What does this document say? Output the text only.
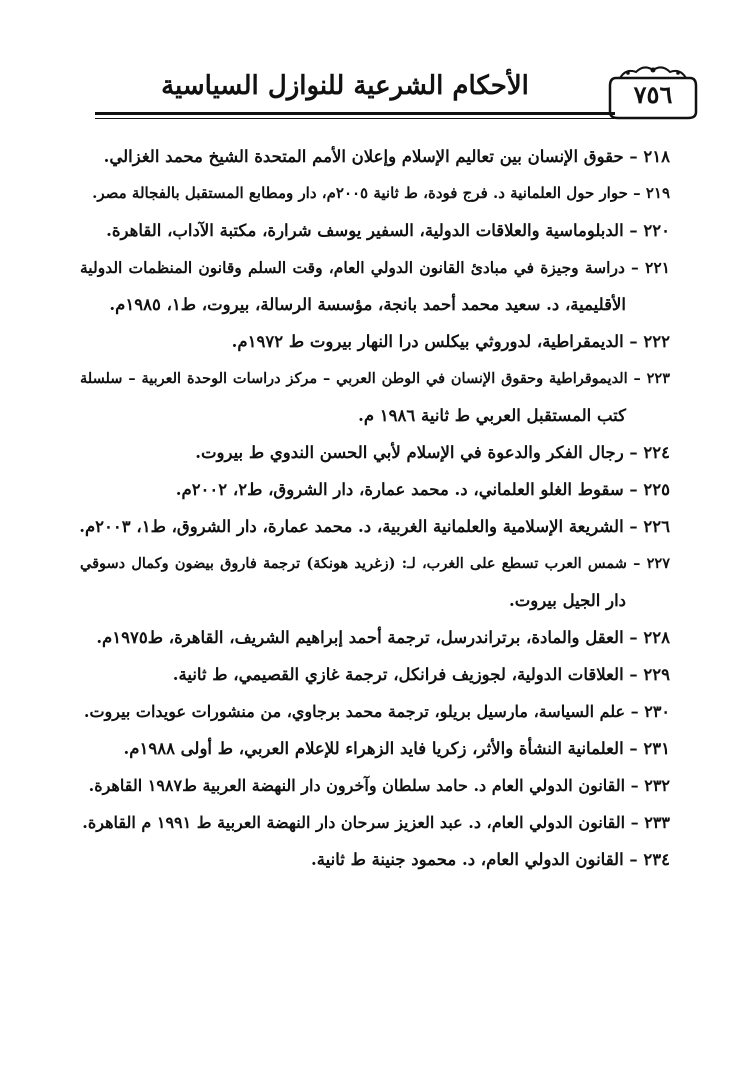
الأحكام الشرعية للنوازل السياسية	٧٥٦
٢١٨ – حقوق الإنسان بين تعاليم الإسلام وإعلان الأمم المتحدة الشيخ محمد الغزالي.
٢١٩ – حوار حول العلمانية د. فرج فودة، ط ثانية ٢٠٠٥م، دار ومطابع المستقبل بالفجالة مصر.
٢٢٠ – الدبلوماسية والعلاقات الدولية، السفير يوسف شرارة، مكتبة الآداب، القاهرة.
٢٢١ – دراسة وجيزة في مبادئ القانون الدولي العام، وقت السلم وقانون المنظمات الدولية
الأقليمية، د. سعيد محمد أحمد بانجة، مؤسسة الرسالة، بيروت، ط١، ١٩٨٥م.
٢٢٢ – الديمقراطية، لدوروثي بيكلس درا النهار بيروت ط ١٩٧٢م.
٢٢٣ – الديموقراطية وحقوق الإنسان في الوطن العربي – مركز دراسات الوحدة العربية – سلسلة
كتب المستقبل العربي ط ثانية ١٩٨٦ م.
٢٢٤ – رجال الفكر والدعوة في الإسلام لأبي الحسن الندوي ط بيروت.
٢٢٥ – سقوط الغلو العلماني، د. محمد عمارة، دار الشروق، ط٢، ٢٠٠٢م.
٢٢٦ – الشريعة الإسلامية والعلمانية الغربية، د. محمد عمارة، دار الشروق، ط١، ٢٠٠٣م.
٢٢٧ – شمس العرب تسطع على الغرب، لـ: (زغريد هونكة) ترجمة فاروق بيضون وكمال دسوقي
دار الجيل بيروت.
٢٢٨ – العقل والمادة، برتراندرسل، ترجمة أحمد إبراهيم الشريف، القاهرة، ط١٩٧٥م.
٢٢٩ – العلاقات الدولية، لجوزيف فرانكل، ترجمة غازي القصيمي، ط ثانية.
٢٣٠ – علم السياسة، مارسيل بريلو، ترجمة محمد برجاوي، من منشورات عويدات بيروت.
٢٣١ – العلمانية النشأة والأثر، زكريا فايد الزهراء للإعلام العربي، ط أولى ١٩٨٨م.
٢٣٢ – القانون الدولي العام د. حامد سلطان وآخرون دار النهضة العربية ط١٩٨٧ القاهرة.
٢٣٣ – القانون الدولي العام، د. عبد العزيز سرحان دار النهضة العربية ط ١٩٩١ م القاهرة.
٢٣٤ – القانون الدولي العام، د. محمود جنينة ط ثانية.
